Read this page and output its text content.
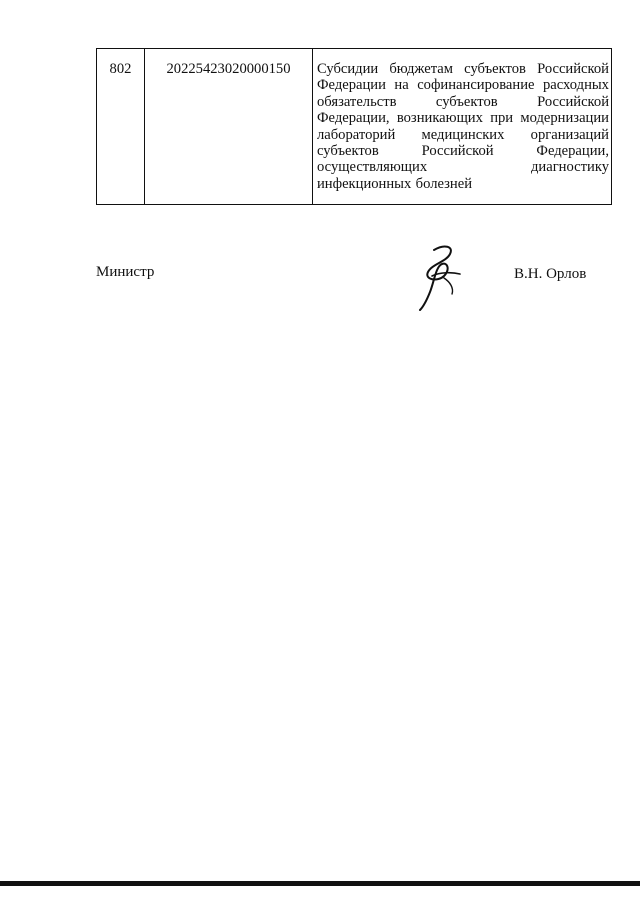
802	20225423020000150	Субсидии бюджетам субъектов Российской
Федерации на софинансирование расходных
обязательств	субъектов	Российской
Федерации, возникающих при модернизации
лабораторий медицинских организаций
субъектов	Российской	Федерации,
осуществляющих	диагностику
инфекционных болезней
Министр	В.Н. Орлов
